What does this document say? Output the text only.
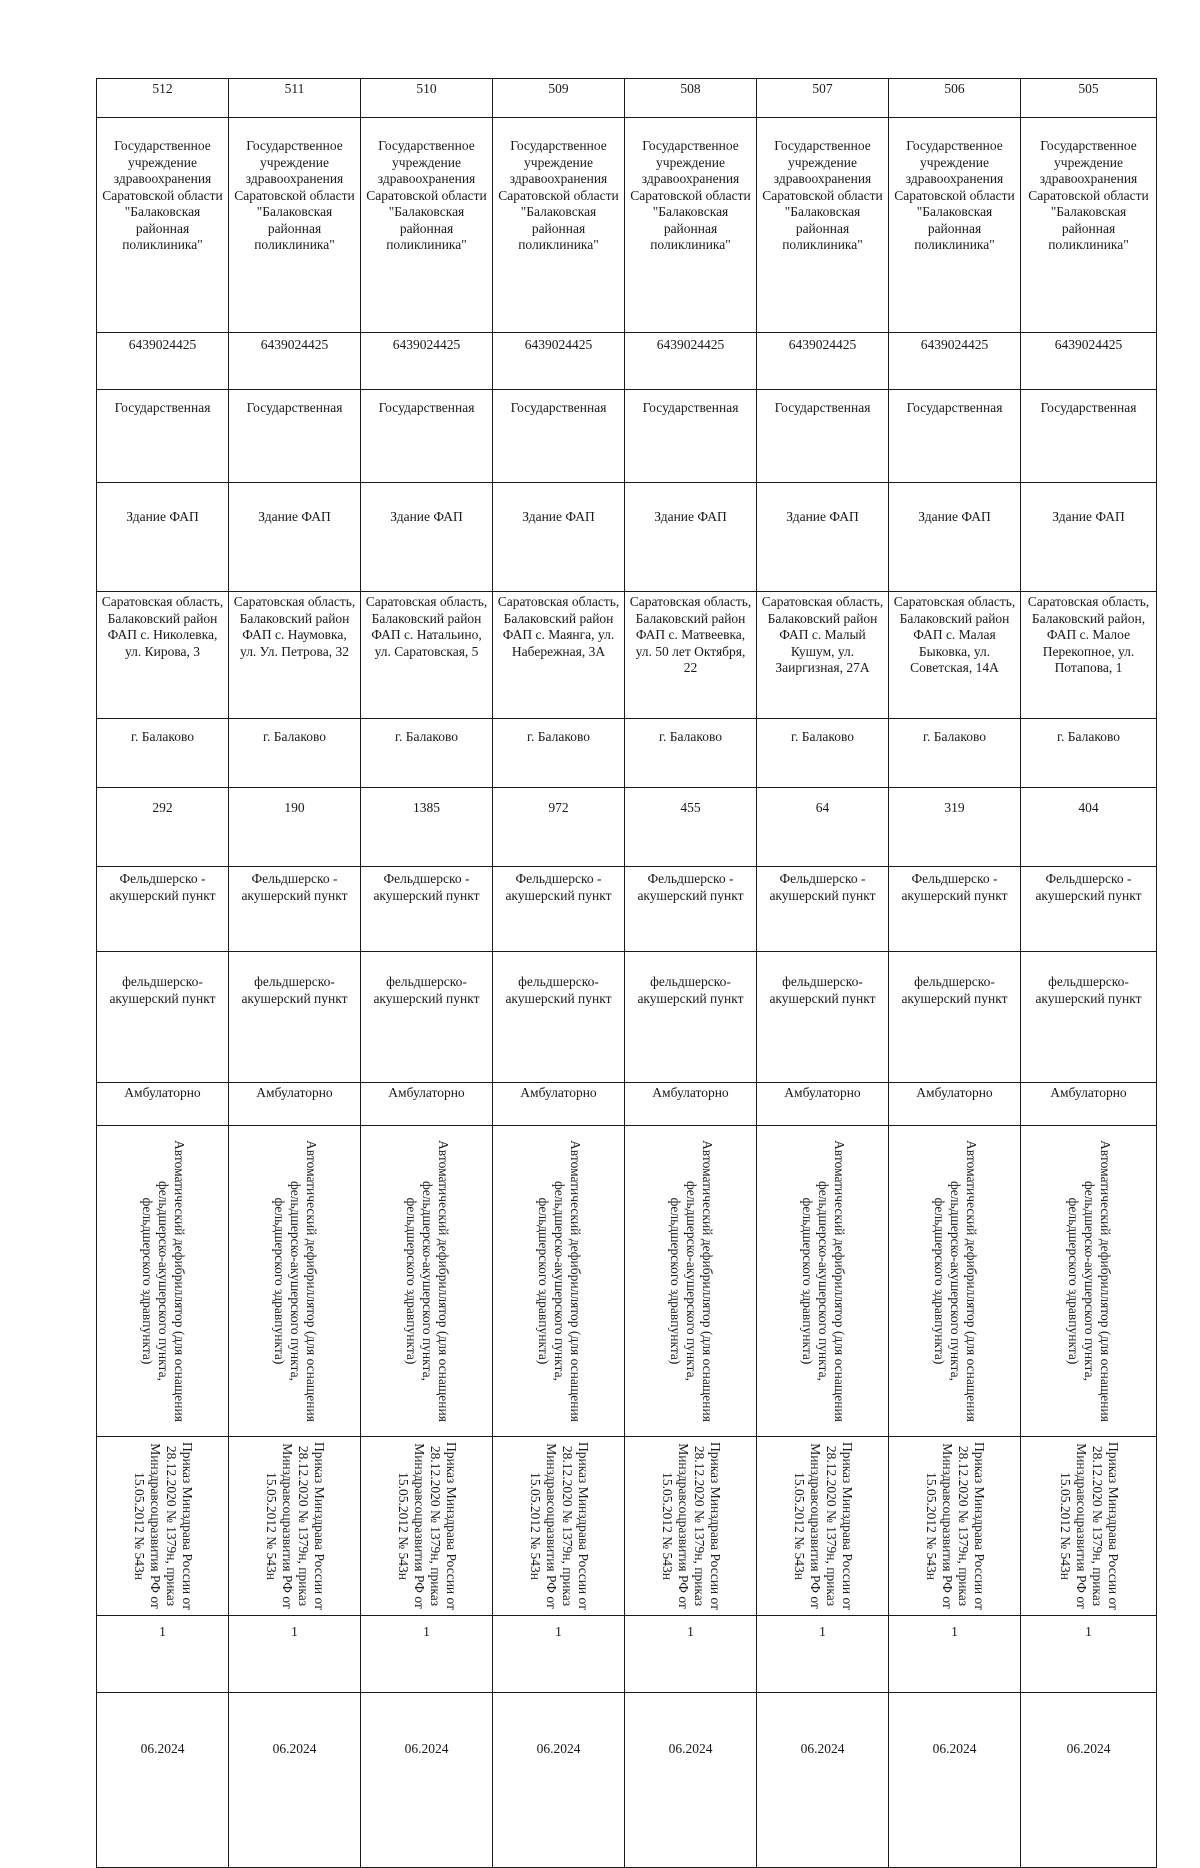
512	511	510	509	508	507	506	505
Государственное учреждение здравоохранения Саратовской области "Балаковская районная поликлиника"	Государственное учреждение здравоохранения Саратовской области "Балаковская районная поликлиника"	Государственное учреждение здравоохранения Саратовской области "Балаковская районная поликлиника"	Государственное учреждение здравоохранения Саратовской области "Балаковская районная поликлиника"	Государственное учреждение здравоохранения Саратовской области "Балаковская районная поликлиника"	Государственное учреждение здравоохранения Саратовской области "Балаковская районная поликлиника"	Государственное учреждение здравоохранения Саратовской области "Балаковская районная поликлиника"	Государственное учреждение здравоохранения Саратовской области "Балаковская районная поликлиника"
6439024425	6439024425	6439024425	6439024425	6439024425	6439024425	6439024425	6439024425
Государственная	Государственная	Государственная	Государственная	Государственная	Государственная	Государственная	Государственная
Здание ФАП	Здание ФАП	Здание ФАП	Здание ФАП	Здание ФАП	Здание ФАП	Здание ФАП	Здание ФАП
Саратовская область, Балаковский район ФАП с. Николевка, ул. Кирова, 3	Саратовская область, Балаковский район ФАП с. Наумовка, ул. Ул. Петрова, 32	Саратовская область, Балаковский район ФАП с. Натальино, ул. Саратовская, 5	Саратовская область, Балаковский район ФАП с. Маянга, ул. Набережная, 3А	Саратовская область, Балаковский район ФАП с. Матвеевка, ул. 50 лет Октября, 22	Саратовская область, Балаковский район ФАП с. Малый Кушум, ул. Заиргизная, 27А	Саратовская область, Балаковский район ФАП с. Малая Быковка, ул. Советская, 14А	Саратовская область, Балаковский район, ФАП с. Малое Перекопное, ул. Потапова, 1
г. Балаково	г. Балаково	г. Балаково	г. Балаково	г. Балаково	г. Балаково	г. Балаково	г. Балаково
292	190	1385	972	455	64	319	404
Фельдшерско - акушерский пункт	Фельдшерско - акушерский пункт	Фельдшерско - акушерский пункт	Фельдшерско - акушерский пункт	Фельдшерско - акушерский пункт	Фельдшерско - акушерский пункт	Фельдшерско - акушерский пункт	Фельдшерско - акушерский пункт
фельдшерско-акушерский пункт	фельдшерско-акушерский пункт	фельдшерско-акушерский пункт	фельдшерско-акушерский пункт	фельдшерско-акушерский пункт	фельдшерско-акушерский пункт	фельдшерско-акушерский пункт	фельдшерско-акушерский пункт
Амбулаторно	Амбулаторно	Амбулаторно	Амбулаторно	Амбулаторно	Амбулаторно	Амбулаторно	Амбулаторно

Автоматический дефибриллятор (для оснащения фельдшерско-акушерского пункта, фельдшерского здравпункта)	Автоматический дефибриллятор (для оснащения фельдшерско-акушерского пункта, фельдшерского здравпункта)	Автоматический дефибриллятор (для оснащения фельдшерско-акушерского пункта, фельдшерского здравпункта)	Автоматический дефибриллятор (для оснащения фельдшерско-акушерского пункта, фельдшерского здравпункта)	Автоматический дефибриллятор (для оснащения фельдшерско-акушерского пункта, фельдшерского здравпункта)	Автоматический дефибриллятор (для оснащения фельдшерско-акушерского пункта, фельдшерского здравпункта)	Автоматический дефибриллятор (для оснащения фельдшерско-акушерского пункта, фельдшерского здравпункта)	Автоматический дефибриллятор (для оснащения фельдшерско-акушерского пункта, фельдшерского здравпункта)

Приказ Минздрава России от 28.12.2020 № 1379н, приказ Минздравсоцразвития РФ от 15.05.2012 № 543н	Приказ Минздрава России от 28.12.2020 № 1379н, приказ Минздравсоцразвития РФ от 15.05.2012 № 543н	Приказ Минздрава России от 28.12.2020 № 1379н, приказ Минздравсоцразвития РФ от 15.05.2012 № 543н	Приказ Минздрава России от 28.12.2020 № 1379н, приказ Минздравсоцразвития РФ от 15.05.2012 № 543н	Приказ Минздрава России от 28.12.2020 № 1379н, приказ Минздравсоцразвития РФ от 15.05.2012 № 543н	Приказ Минздрава России от 28.12.2020 № 1379н, приказ Минздравсоцразвития РФ от 15.05.2012 № 543н	Приказ Минздрава России от 28.12.2020 № 1379н, приказ Минздравсоцразвития РФ от 15.05.2012 № 543н	Приказ Минздрава России от 28.12.2020 № 1379н, приказ Минздравсоцразвития РФ от 15.05.2012 № 543н

1	1	1	1	1	1	1	1
06.2024	06.2024	06.2024	06.2024	06.2024	06.2024	06.2024	06.2024
